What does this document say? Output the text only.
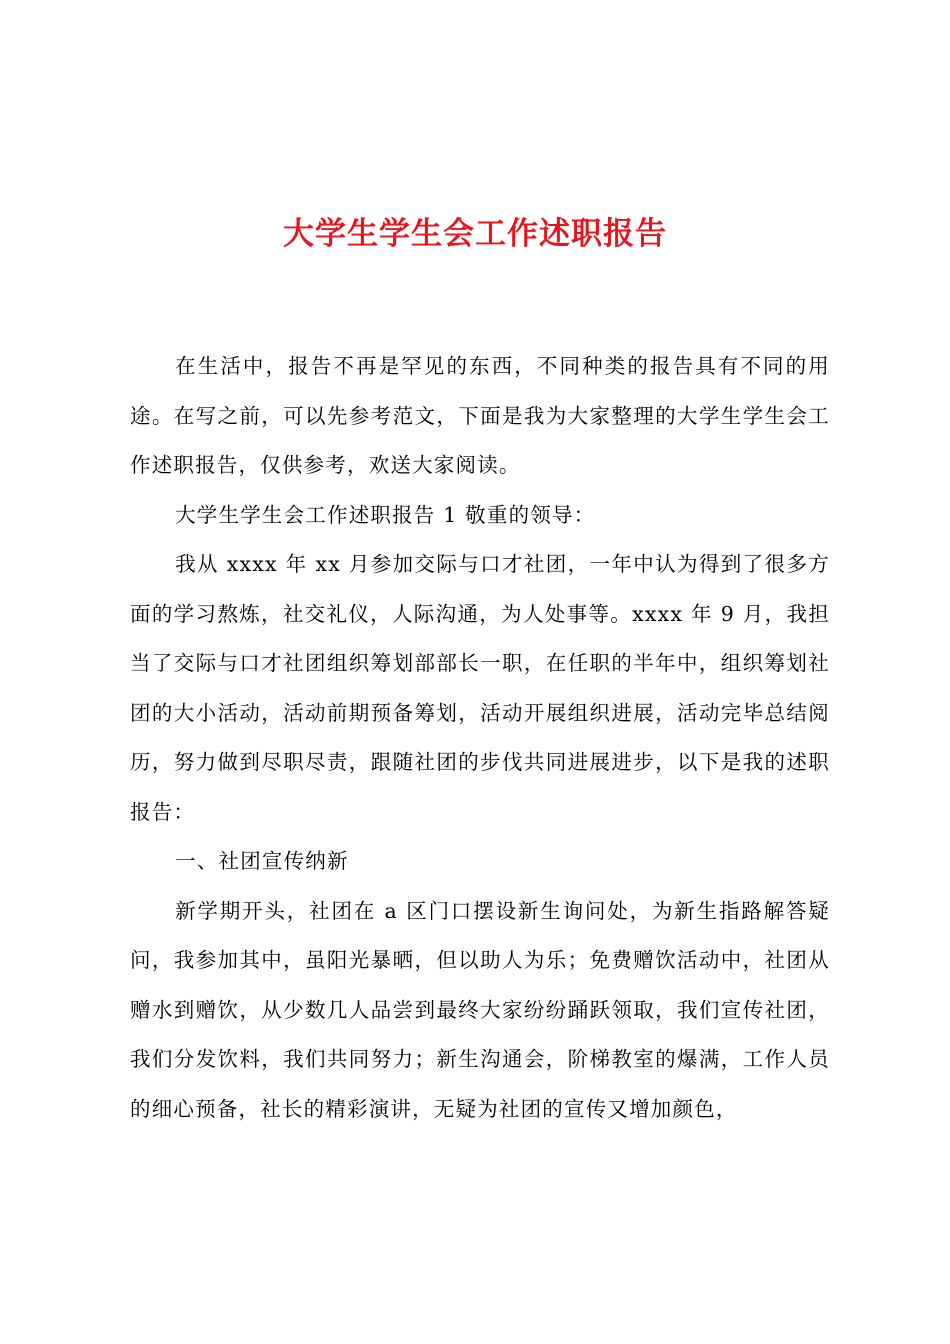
大学生学生会工作述职报告

在生活中，报告不再是罕见的东西，不同种类的报告具有不同的用途。在写之前，可以先参考范文，下面是我为大家整理的大学生学生会工作述职报告，仅供参考，欢送大家阅读。

大学生学生会工作述职报告 1 敬重的领导：

我从 xxxx 年 xx 月参加交际与口才社团，一年中认为得到了很多方面的学习熬炼，社交礼仪，人际沟通，为人处事等。xxxx 年 9 月，我担当了交际与口才社团组织筹划部部长一职，在任职的半年中，组织筹划社团的大小活动，活动前期预备筹划，活动开展组织进展，活动完毕总结阅历，努力做到尽职尽责，跟随社团的步伐共同进展进步，以下是我的述职报告：

一、社团宣传纳新

新学期开头，社团在 a 区门口摆设新生询问处，为新生指路解答疑问，我参加其中，虽阳光暴晒，但以助人为乐；免费赠饮活动中，社团从赠水到赠饮，从少数几人品尝到最终大家纷纷踊跃领取，我们宣传社团，我们分发饮料，我们共同努力；新生沟通会，阶梯教室的爆满，工作人员的细心预备，社长的精彩演讲，无疑为社团的宣传又增加颜色，
